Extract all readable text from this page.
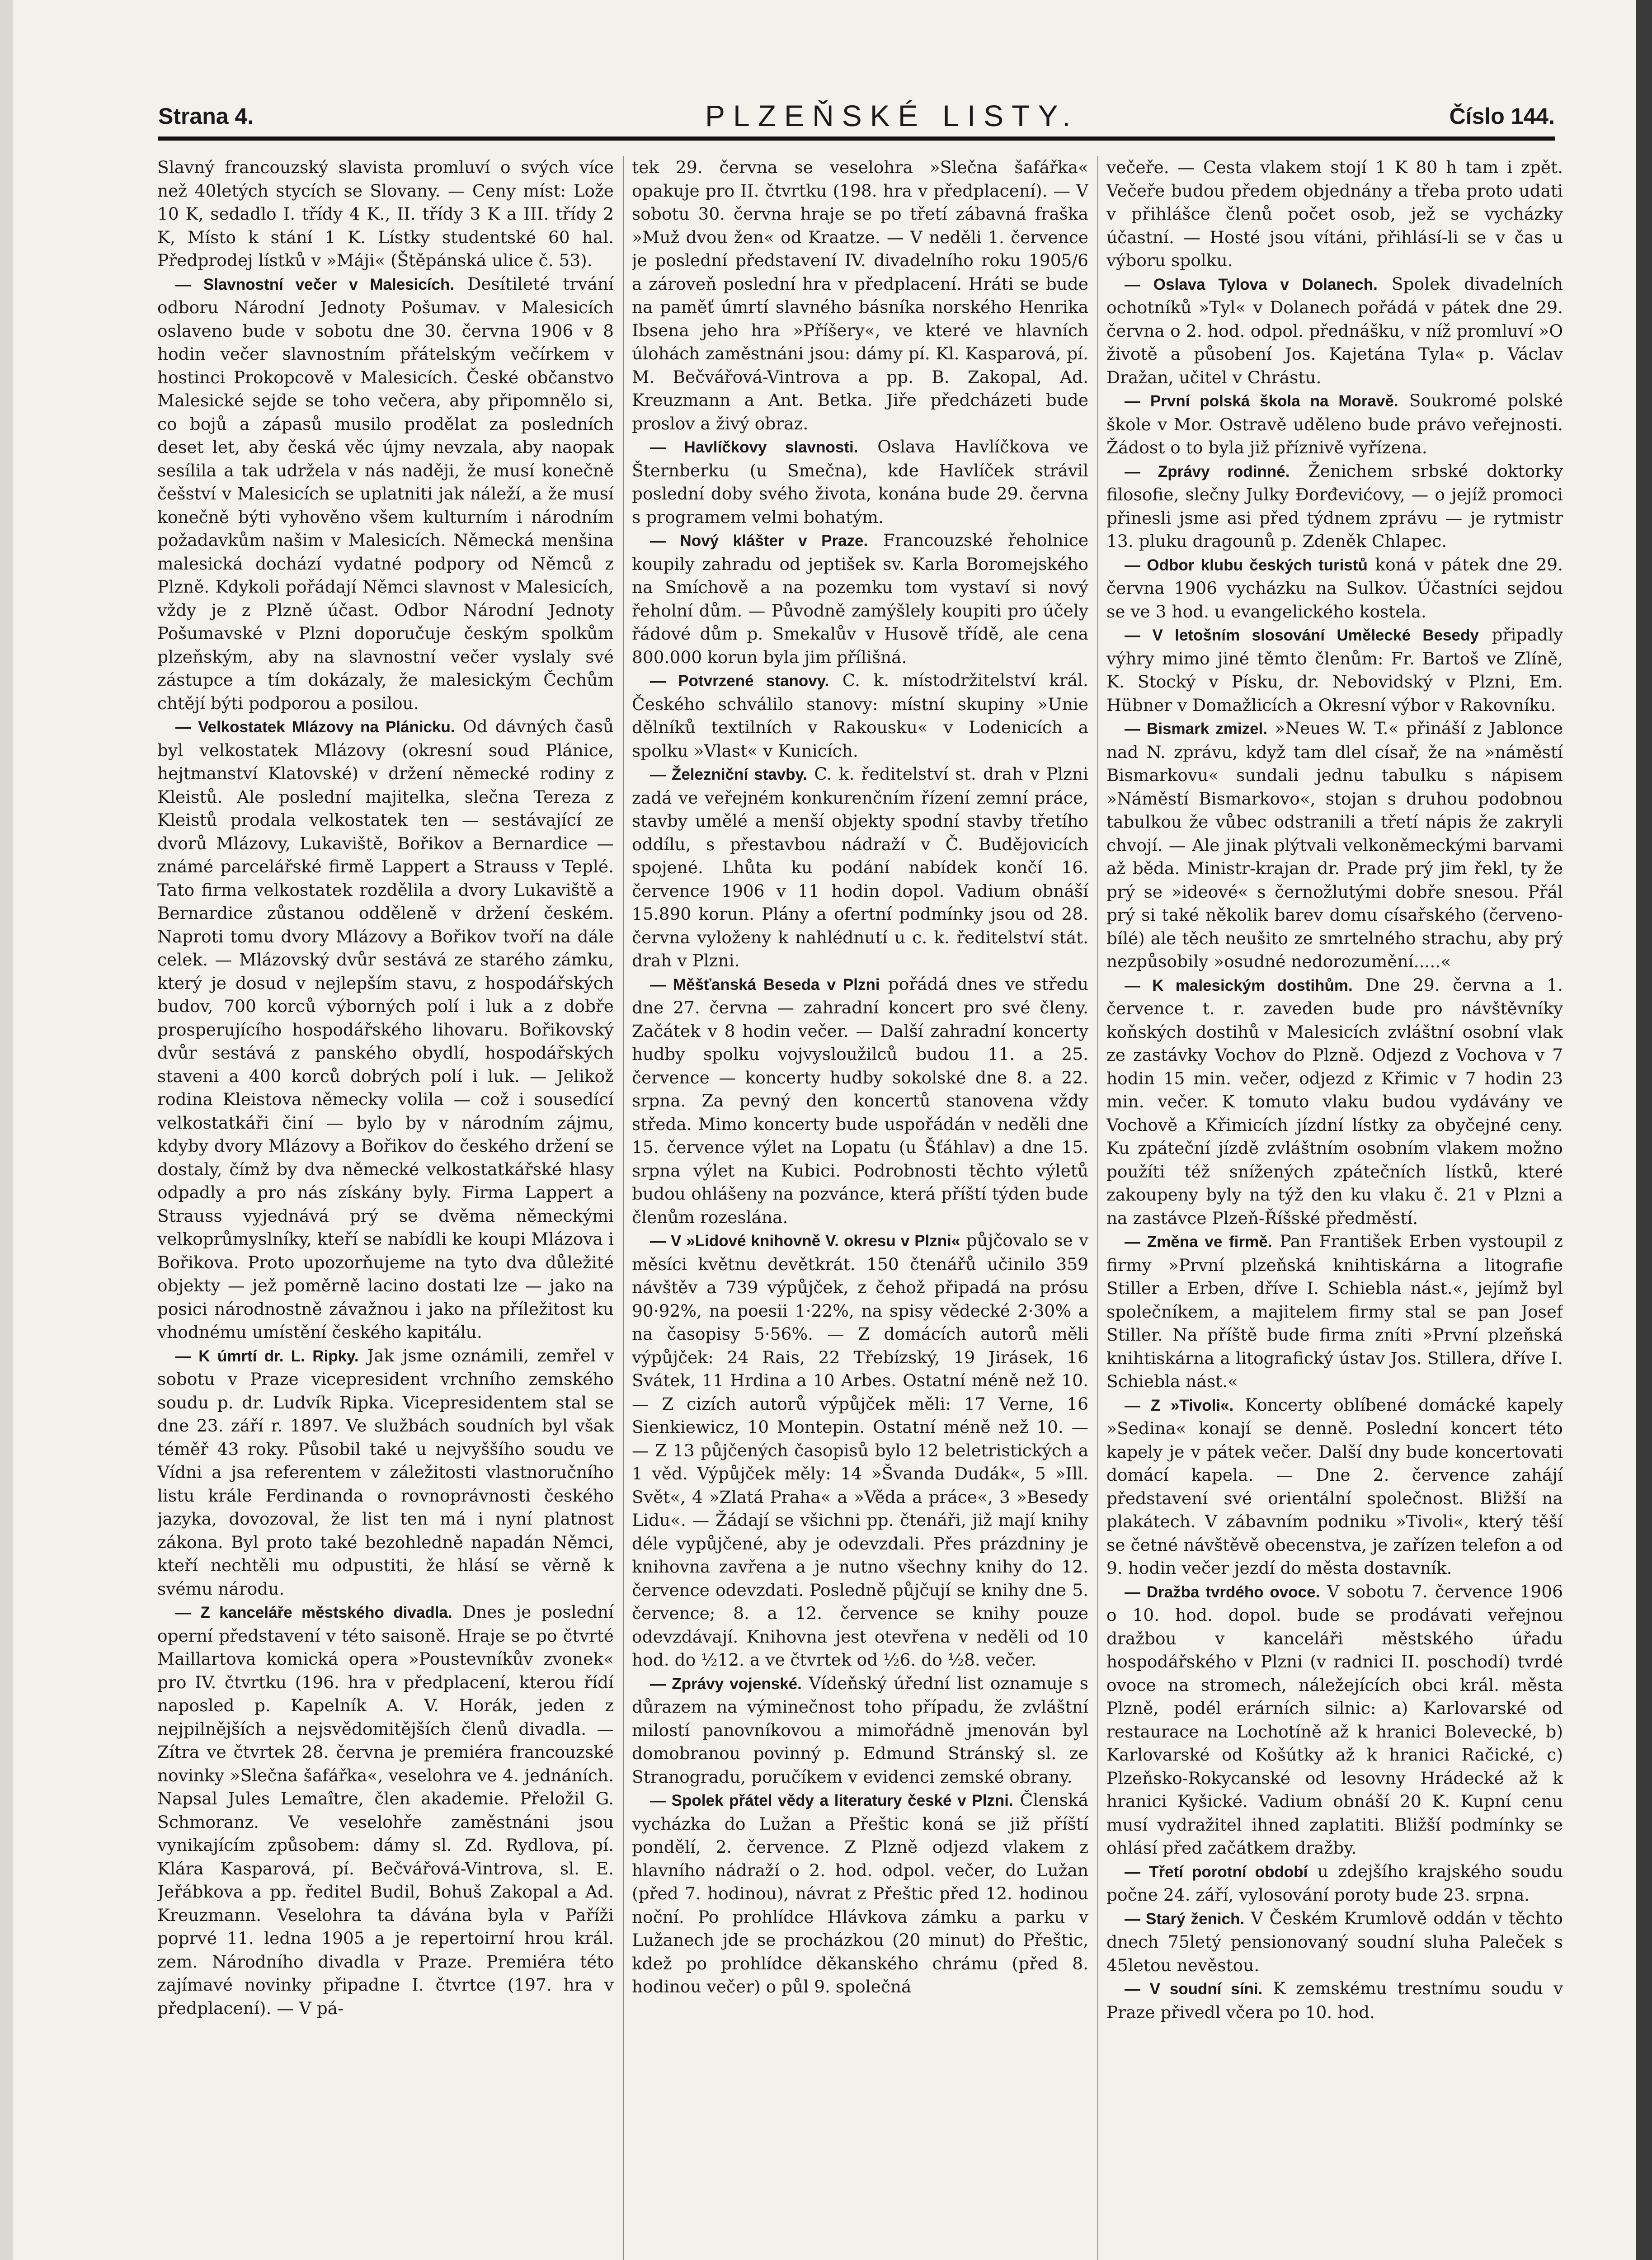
Strana 4.	PLZEŇSKÉ LISTY.	Číslo 144.

Slavný francouzský slavista promluví o svých více než 40letých stycích se Slovany. — Ceny míst: Lože 10 K, sedadlo I. třídy 4 K., II. třídy 3 K a III. třídy 2 K, Místo k stání 1 K. Lístky studentské 60 hal. Předprodej lístků v »Máji« (Štěpánská ulice č. 53).

— Slavnostní večer v Malesicích. Desítileté trvání odboru Národní Jednoty Pošumav. v Malesicích oslaveno bude v sobotu dne 30. června 1906 v 8 hodin večer slavnostním přátelským večírkem v hostinci Prokopcově v Malesicích. České občanstvo Malesické sejde se toho večera, aby připomnělo si, co bojů a zápasů musilo prodělat za posledních deset let, aby česká věc újmy nevzala, aby naopak sesílila a tak udržela v nás naději, že musí konečně češství v Malesicích se uplatniti jak náleží, a že musí konečně býti vyhověno všem kulturním i národním požadavkům našim v Malesicích. Německá menšina malesická dochází vydatné podpory od Němců z Plzně. Kdykoli pořádají Němci slavnost v Malesicích, vždy je z Plzně účast. Odbor Národní Jednoty Pošumavské v Plzni doporučuje českým spolkům plzeňským, aby na slavnostní večer vyslaly své zástupce a tím dokázaly, že malesickým Čechům chtějí býti podporou a posilou.

— Velkostatek Mlázovy na Plánicku. Od dávných časů byl velkostatek Mlázovy (okresní soud Plánice, hejtmanství Klatovské) v držení německé rodiny z Kleistů. Ale poslední majitelka, slečna Tereza z Kleistů prodala velkostatek ten — sestávající ze dvorů Mlázovy, Lukaviště, Bořikov a Bernardice — známé parcelářské firmě Lappert a Strauss v Teplé. Tato firma velkostatek rozdělila a dvory Lukaviště a Bernardice zůstanou odděleně v držení českém. Naproti tomu dvory Mlázovy a Bořikov tvoří na dále celek. — Mlázovský dvůr sestává ze starého zámku, který je dosud v nejlepším stavu, z hospodářských budov, 700 korců výborných polí i luk a z dobře prosperujícího hospodářského lihovaru. Bořikovský dvůr sestává z panského obydlí, hospodářských staveni a 400 korců dobrých polí i luk. — Jelikož rodina Kleistova německy volila — což i sousedící velkostatkáři činí — bylo by v národním zájmu, kdyby dvory Mlázovy a Bořikov do českého držení se dostaly, čímž by dva německé velkostatkářské hlasy odpadly a pro nás získány byly. Firma Lappert a Strauss vyjednává prý se dvěma německými velkoprůmyslníky, kteří se nabídli ke koupi Mlázova i Bořikova. Proto upozorňujeme na tyto dva důležité objekty — jež poměrně lacino dostati lze — jako na posici národnostně závažnou i jako na příležitost ku vhodnému umístění českého kapitálu.

— K úmrtí dr. L. Ripky. Jak jsme oznámili, zemřel v sobotu v Praze vicepresident vrchního zemského soudu p. dr. Ludvík Ripka. Vicepresidentem stal se dne 23. září r. 1897. Ve službách soudních byl však téměř 43 roky. Působil také u nejvyššího soudu ve Vídni a jsa referentem v záležitosti vlastnoručního listu krále Ferdinanda o rovnoprávnosti českého jazyka, dovozoval, že list ten má i nyní platnost zákona. Byl proto také bezohledně napadán Němci, kteří nechtěli mu odpustiti, že hlásí se věrně k svému národu.

— Z kanceláře městského divadla. Dnes je poslední operní představení v této saisoně. Hraje se po čtvrté Maillartova komická opera »Poustevníkův zvonek« pro IV. čtvrtku (196. hra v předplacení, kterou řídí naposled p. Kapelník A. V. Horák, jeden z nejpilnějších a nejsvědomitějších členů divadla. — Zítra ve čtvrtek 28. června je premiéra francouzské novinky »Slečna šafářka«, veselohra ve 4. jednáních. Napsal Jules Lemaître, člen akademie. Přeložil G. Schmoranz. Ve veselohře zaměstnáni jsou vynikajícím způsobem: dámy sl. Zd. Rydlova, pí. Klára Kasparová, pí. Bečvářová-Vintrova, sl. E. Jeřábkova a pp. ředitel Budil, Bohuš Zakopal a Ad. Kreuzmann. Veselohra ta dávána byla v Paříži poprvé 11. ledna 1905 a je repertoirní hrou král. zem. Národního divadla v Praze. Premiéra této zajímavé novinky připadne I. čtvrtce (197. hra v předplacení). — V pá-

tek 29. června se veselohra »Slečna šafářka« opakuje pro II. čtvrtku (198. hra v předplacení). — V sobotu 30. června hraje se po třetí zábavná fraška »Muž dvou žen« od Kraatze. — V neděli 1. července je poslední představení IV. divadelního roku 1905/6 a zároveň poslední hra v předplacení. Hráti se bude na paměť úmrtí slavného básníka norského Henrika Ibsena jeho hra »Příšery«, ve které ve hlavních úlohách zaměstnáni jsou: dámy pí. Kl. Kasparová, pí. M. Bečvářová-Vintrova a pp. B. Zakopal, Ad. Kreuzmann a Ant. Betka. Jiře předcházeti bude proslov a živý obraz.

— Havlíčkovy slavnosti. Oslava Havlíčkova ve Šternberku (u Smečna), kde Havlíček strávil poslední doby svého života, konána bude 29. června s programem velmi bohatým.

— Nový klášter v Praze. Francouzské řeholnice koupily zahradu od jeptišek sv. Karla Boromejského na Smíchově a na pozemku tom vystaví si nový řeholní dům. — Původně zamýšlely koupiti pro účely řádové dům p. Smekalův v Husově třídě, ale cena 800.000 korun byla jim přílišná.

— Potvrzené stanovy. C. k. místodržitelství král. Českého schválilo stanovy: místní skupiny »Unie dělníků textilních v Rakousku« v Lodenicích a spolku »Vlast« v Kunicích.

— Železniční stavby. C. k. ředitelství st. drah v Plzni zadá ve veřejném konkurenčním řízení zemní práce, stavby umělé a menší objekty spodní stavby třetího oddílu, s přestavbou nádraží v Č. Budějovicích spojené. Lhůta ku podání nabídek končí 16. července 1906 v 11 hodin dopol. Vadium obnáší 15.890 korun. Plány a ofertní podmínky jsou od 28. června vyloženy k nahlédnutí u c. k. ředitelství stát. drah v Plzni.

— Měšťanská Beseda v Plzni pořádá dnes ve středu dne 27. června — zahradní koncert pro své členy. Začátek v 8 hodin večer. — Další zahradní koncerty hudby spolku vojvysloužilců budou 11. a 25. července — koncerty hudby sokolské dne 8. a 22. srpna. Za pevný den koncertů stanovena vždy středa. Mimo koncerty bude uspořádán v neděli dne 15. července výlet na Lopatu (u Šťáhlav) a dne 15. srpna výlet na Kubici. Podrobnosti těchto výletů budou ohlášeny na pozvánce, která příští týden bude členům rozeslána.

— V »Lidové knihovně V. okresu v Plzni« půjčovalo se v měsíci květnu devětkrát. 150 čtenářů učinilo 359 návštěv a 739 výpůjček, z čehož připadá na prósu 90·92%, na poesii 1·22%, na spisy vědecké 2·30% a na časopisy 5·56%. — Z domácích autorů měli výpůjček: 24 Rais, 22 Třebízský, 19 Jirásek, 16 Svátek, 11 Hrdina a 10 Arbes. Ostatní méně než 10. — Z cizích autorů výpůjček měli: 17 Verne, 16 Sienkiewicz, 10 Montepin. Ostatní méně než 10. — — Z 13 půjčených časopisů bylo 12 beletristických a 1 věd. Výpůjček měly: 14 »Švanda Dudák«, 5 »Ill. Svět«, 4 »Zlatá Praha« a »Věda a práce«, 3 »Besedy Lidu«. — Žádají se všichni pp. čtenáři, již mají knihy déle vypůjčené, aby je odevzdali. Přes prázdniny je knihovna zavřena a je nutno všechny knihy do 12. července odevzdati. Posledně půjčují se knihy dne 5. července; 8. a 12. července se knihy pouze odevzdávají. Knihovna jest otevřena v neděli od 10 hod. do ½12. a ve čtvrtek od ½6. do ½8. večer.

— Zprávy vojenské. Vídeňský úřední list oznamuje s důrazem na výminečnost toho případu, že zvláštní milostí panovníkovou a mimořádně jmenován byl domobranou povinný p. Edmund Stránský sl. ze Stranogradu, poručíkem v evidenci zemské obrany.

— Spolek přátel vědy a literatury české v Plzni. Členská vycházka do Lužan a Přeštic koná se již příští pondělí, 2. července. Z Plzně odjezd vlakem z hlavního nádraží o 2. hod. odpol. večer, do Lužan (před 7. hodinou), návrat z Přeštic před 12. hodinou noční. Po prohlídce Hlávkova zámku a parku v Lužanech jde se procházkou (20 minut) do Přeštic, kdež po prohlídce děkanského chrámu (před 8. hodinou večer) o půl 9. společná

večeře. — Cesta vlakem stojí 1 K 80 h tam i zpět. Večeře budou předem objednány a třeba proto udati v přihlášce členů počet osob, jež se vycházky účastní. — Hosté jsou vítáni, přihlásí-li se v čas u výboru spolku.

— Oslava Tylova v Dolanech. Spolek divadelních ochotníků »Tyl« v Dolanech pořádá v pátek dne 29. června o 2. hod. odpol. přednášku, v níž promluví »O životě a působení Jos. Kajetána Tyla« p. Václav Dražan, učitel v Chrástu.

— První polská škola na Moravě. Soukromé polské škole v Mor. Ostravě uděleno bude právo veřejnosti. Žádost o to byla již příznivě vyřízena.

— Zprávy rodinné. Ženichem srbské doktorky filosofie, slečny Julky Đorđevićovy, — o jejíž promoci přinesli jsme asi před týdnem zprávu — je rytmistr 13. pluku dragounů p. Zdeněk Chlapec.

— Odbor klubu českých turistů koná v pátek dne 29. června 1906 vycházku na Sulkov. Účastníci sejdou se ve 3 hod. u evangelického kostela.

— V letošním slosování Umělecké Besedy připadly výhry mimo jiné těmto členům: Fr. Bartoš ve Zlíně, K. Stocký v Písku, dr. Nebovidský v Plzni, Em. Hübner v Domažlicích a Okresní výbor v Rakovníku.

— Bismark zmizel. »Neues W. T.« přináší z Jablonce nad N. zprávu, když tam dlel císař, že na »náměstí Bismarkovu« sundali jednu tabulku s nápisem »Náměstí Bismarkovo«, stojan s druhou podobnou tabulkou že vůbec odstranili a třetí nápis že zakryli chvojí. — Ale jinak plýtvali velkoněmeckými barvami až běda. Ministr-krajan dr. Prade prý jim řekl, ty že prý se »ideové« s černožlutými dobře snesou. Přál prý si také několik barev domu císařského (červeno-bílé) ale těch neušito ze smrtelného strachu, aby prý nezpůsobily »osudné nedorozumění.....«

— K malesickým dostihům. Dne 29. června a 1. července t. r. zaveden bude pro návštěvníky koňských dostihů v Malesicích zvláštní osobní vlak ze zastávky Vochov do Plzně. Odjezd z Vochova v 7 hodin 15 min. večer, odjezd z Křimic v 7 hodin 23 min. večer. K tomuto vlaku budou vydávány ve Vochově a Křimicích jízdní lístky za obyčejné ceny. Ku zpáteční jízdě zvláštním osobním vlakem možno použíti též snížených zpátečních lístků, které zakoupeny byly na týž den ku vlaku č. 21 v Plzni a na zastávce Plzeň-Říšské předměstí.

— Změna ve firmě. Pan František Erben vystoupil z firmy »První plzeňská knihtiskárna a litografie Stiller a Erben, dříve I. Schiebla nást.«, jejímž byl společníkem, a majitelem firmy stal se pan Josef Stiller. Na příště bude firma zníti »První plzeňská knihtiskárna a litografický ústav Jos. Stillera, dříve I. Schiebla nást.«

— Z »Tivoli«. Koncerty oblíbené domácké kapely »Sedina« konají se denně. Poslední koncert této kapely je v pátek večer. Další dny bude koncertovati domácí kapela. — Dne 2. července zahájí představení své orientální společnost. Bližší na plakátech. V zábavním podniku »Tivoli«, který těší se četné návštěvě obecenstva, je zařízen telefon a od 9. hodin večer jezdí do města dostavník.

— Dražba tvrdého ovoce. V sobotu 7. července 1906 o 10. hod. dopol. bude se prodávati veřejnou dražbou v kanceláři městského úřadu hospodářského v Plzni (v radnici II. poschodí) tvrdé ovoce na stromech, náležejících obci král. města Plzně, podél erárních silnic: a) Karlovarské od restaurace na Lochotíně až k hranici Bolevecké, b) Karlovarské od Košútky až k hranici Račické, c) Plzeňsko-Rokycanské od lesovny Hrádecké až k hranici Kyšické. Vadium obnáší 20 K. Kupní cenu musí vydražitel ihned zaplatiti. Bližší podmínky se ohlásí před začátkem dražby.

— Třetí porotní období u zdejšího krajského soudu počne 24. září, vylosování poroty bude 23. srpna.

— Starý ženich. V Českém Krumlově oddán v těchto dnech 75letý pensionovaný soudní sluha Paleček s 45letou nevěstou.

— V soudní síni. K zemskému trestnímu soudu v Praze přivedl včera po 10. hod.
